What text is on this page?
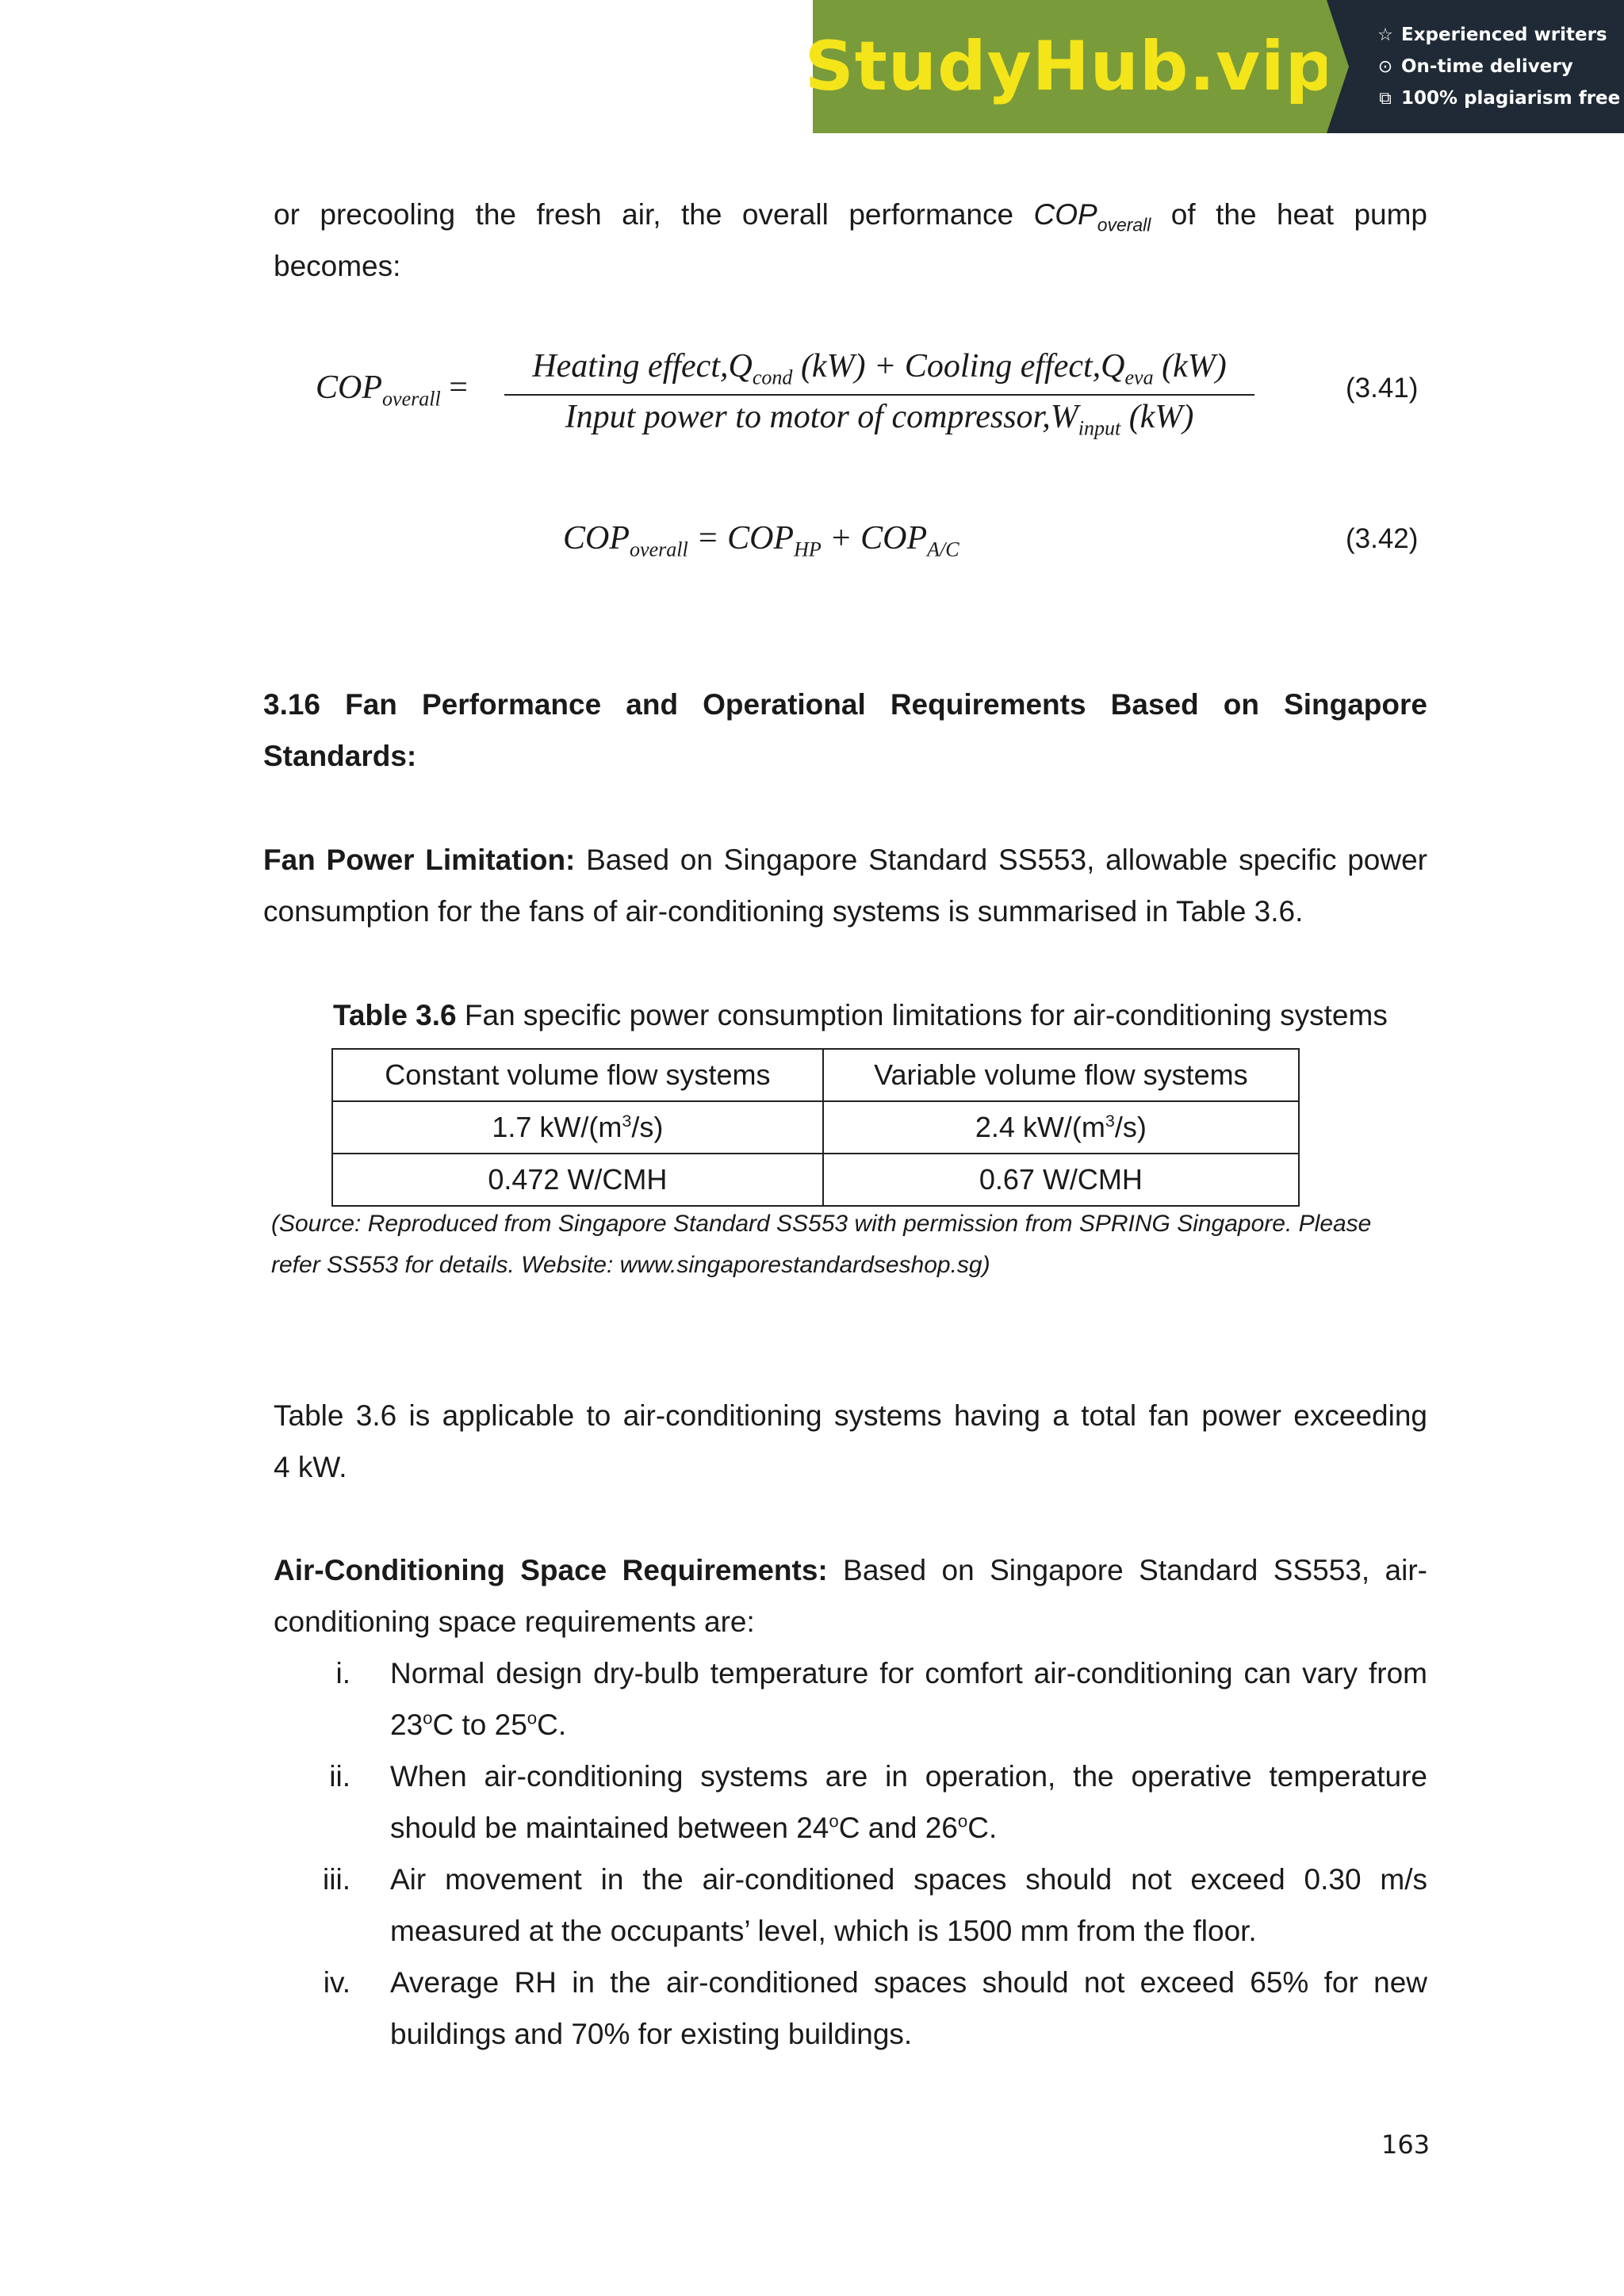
StudyHub.vip ☆ Experienced writers
⊙ On-time delivery
⧉ 100% plagiarism free
or precooling the fresh air, the overall performance $COP_{overall}$ of the heat pump
becomes:
$COP_{overall}$ =
Heating $effect,Q_{cond}$ (kW) + Cooling $effect,Q_{eva}$ (kW)
Input power to motor of $compressor,W_{input}$ (kW)
(3.41)
$COP_{overall} = COP_{HP} + COP_{A/C}$	(3.42)
3.16 Fan Performance and Operational Requirements Based on Singapore
Standards:
Fan Power Limitation: Based on Singapore Standard SS553, allowable specific power
consumption for the fans of air-conditioning systems is summarised in Table 3.6.
Table 3.6 Fan specific power consumption limitations for air-conditioning systems
Constant volume flow systems	Variable volume flow systems
1.7 $kW/(m^3/s)$	2.4 $kW/(m^3/s)$
0.472 W/CMH	0.67 W/CMH
(Source: Reproduced from Singapore Standard SS553 with permission from SPRING Singapore. Please
refer SS553 for details. Website: www.singaporestandardseshop.sg)
Table 3.6 is applicable to air-conditioning systems having a total fan power exceeding
4 kW.
Air-Conditioning Space Requirements: Based on Singapore Standard SS553, air-
conditioning space requirements are:
i. Normal design dry-bulb temperature for comfort air-conditioning can vary from
23$^o$C to 25$^o$C.
ii. When air-conditioning systems are in operation, the operative temperature
should be maintained between 24$^o$C and 26$^o$C.
iii. Air movement in the air-conditioned spaces should not exceed 0.30 m/s
measured at the occupants’ level, which is 1500 mm from the floor.
iv. Average RH in the air-conditioned spaces should not exceed 65% for new
buildings and 70% for existing buildings.
163
